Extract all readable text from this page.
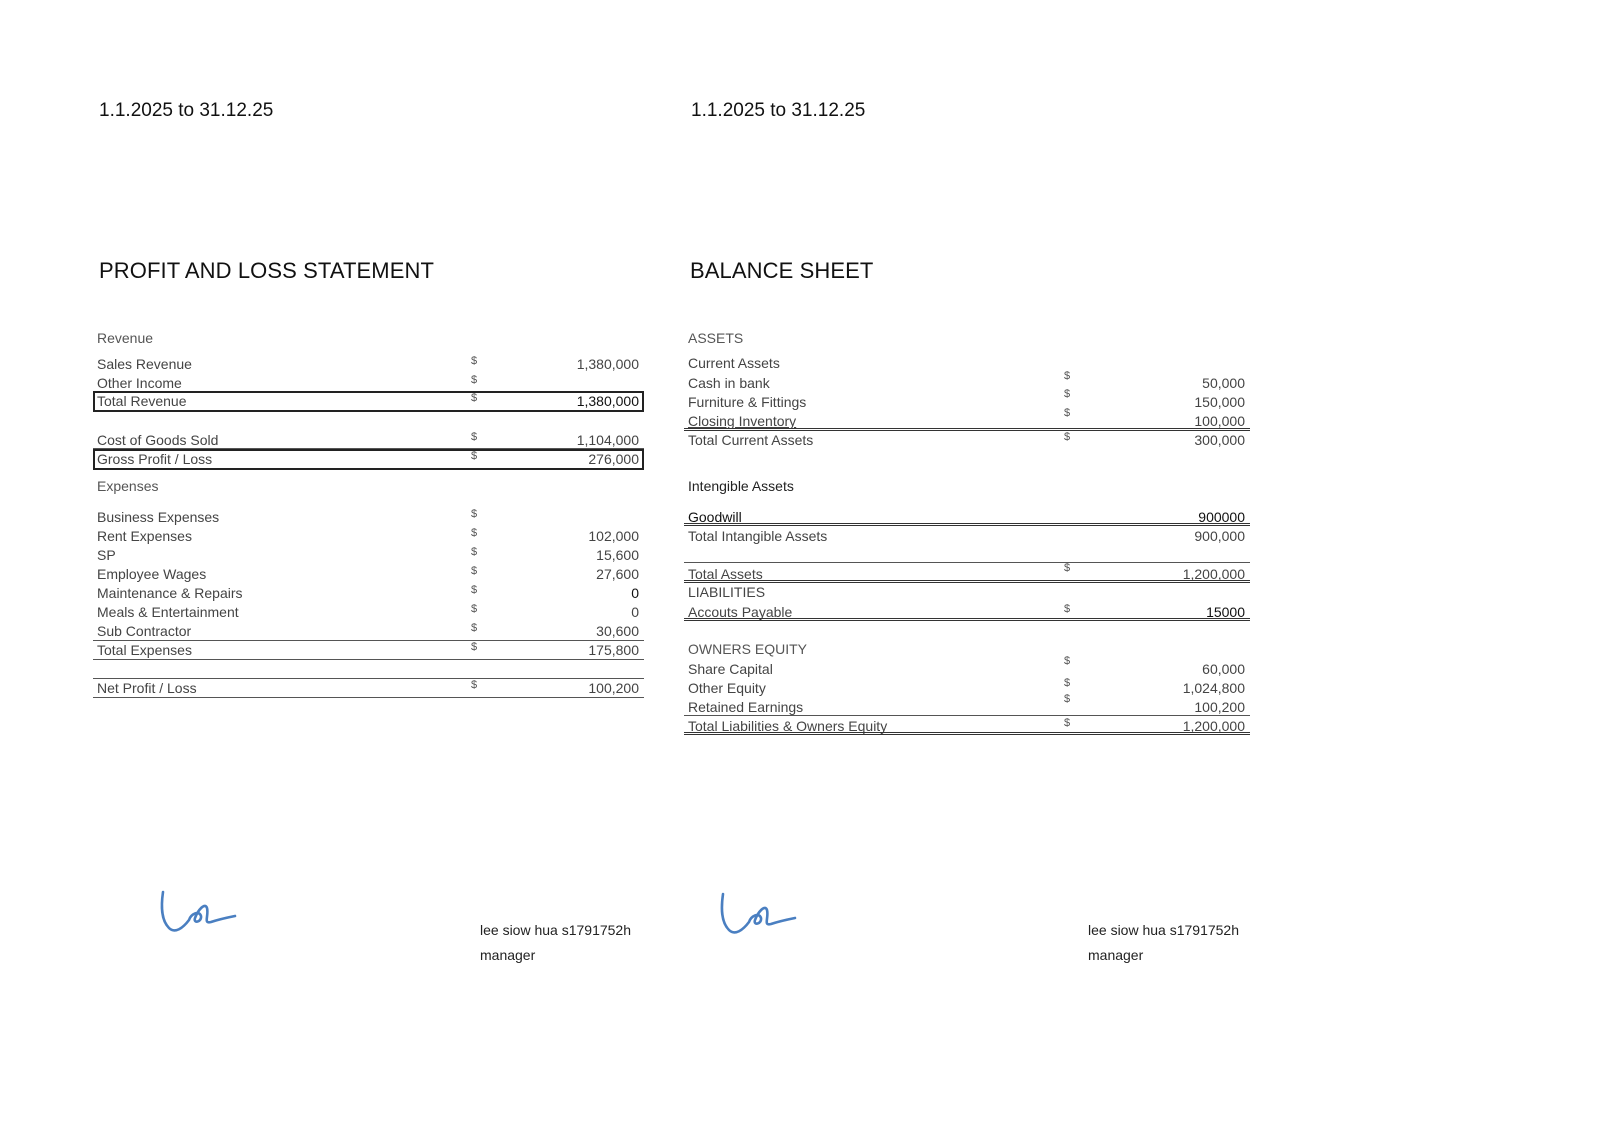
1.1.2025 to 31.12.25
PROFIT AND LOSS STATEMENT
Revenue
Sales Revenue	$	1,380,000
Other Income	$
Total Revenue	$	1,380,000
Cost of Goods Sold	$	1,104,000
Gross Profit / Loss	$	276,000
Expenses
Business Expenses	$
Rent Expenses	$	102,000
SP	$	15,600
Employee Wages	$	27,600
Maintenance & Repairs	$	0
Meals & Entertainment	$	0
Sub Contractor	$	30,600
Total Expenses	$	175,800
Net Profit / Loss	$	100,200
lee siow hua s1791752h
manager
1.1.2025 to 31.12.25
BALANCE SHEET
ASSETS
Current Assets
Cash in bank	$	50,000
Furniture & Fittings	$	150,000
Closing Inventory	$	100,000
Total Current Assets	$	300,000
Intengible Assets
Goodwill	900000
Total Intangible Assets	900,000
Total Assets	$	1,200,000
LIABILITIES
Accouts Payable	$	15000
OWNERS EQUITY
Share Capital	$	60,000
Other Equity	$	1,024,800
Retained Earnings	$	100,200
Total Liabilities & Owners Equity	$	1,200,000
lee siow hua s1791752h
manager
